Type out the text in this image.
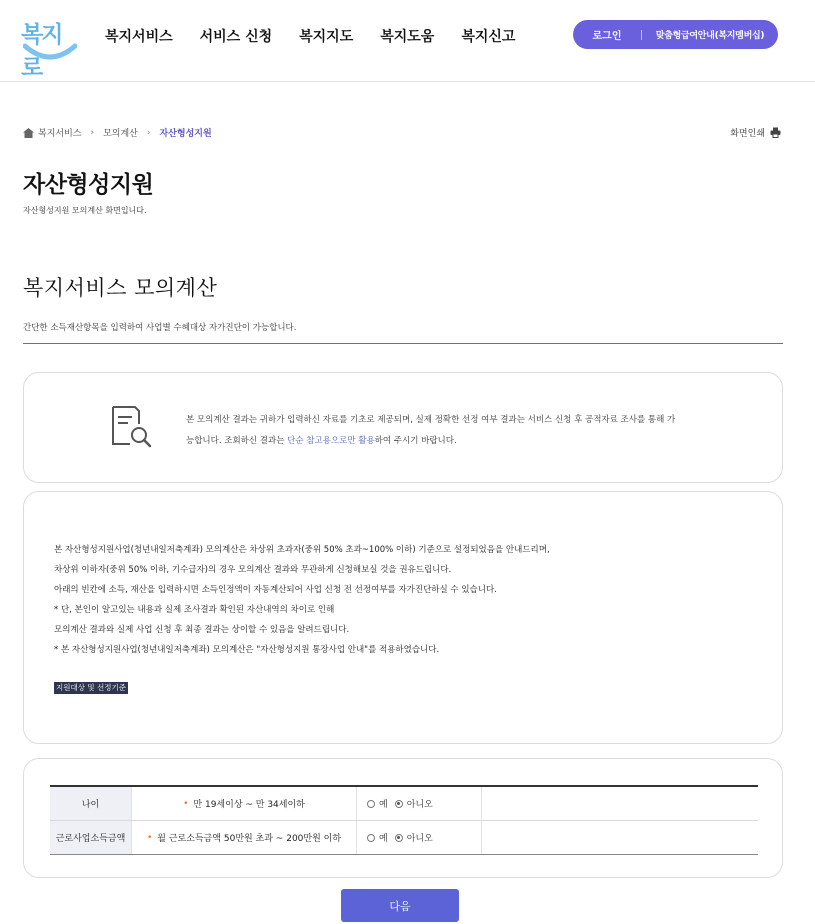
복지로
복지서비스 서비스 신청 복지지도 복지도움 복지신고	로그인	맞춤형급여안내(복지멤버십)
복지서비스 › 모의계산 › 자산형성지원	화면인쇄
자산형성지원
자산형성지원 모의계산 화면입니다.
복지서비스 모의계산
간단한 소득재산항목을 입력하여 사업별 수혜대상 자가진단이 가능합니다.
본 모의계산 결과는 귀하가 입력하신 자료를 기초로 제공되며, 실제 정확한 선정 여부 결과는 서비스 신청 후 공적자료 조사를 통해 가
능합니다. 조회하신 결과는 단순 참고용으로만 활용하여 주시기 바랍니다.

본 자산형성지원사업(청년내일저축계좌) 모의계산은 차상위 초과자(중위 50% 초과~100% 이하) 기준으로 설정되었음을 안내드리며,

차상위 이하자(중위 50% 이하, 기수급자)의 경우 모의계산 결과와 무관하게 신청해보실 것을 권유드립니다.

아래의 빈칸에 소득, 재산을 입력하시면 소득인정액이 자동계산되어 사업 신청 전 선정여부를 자가진단하실 수 있습니다.

* 단, 본인이 알고있는 내용과 실제 조사결과 확인된 자산내역의 차이로 인해

모의계산 결과와 실제 사업 신청 후 최종 결과는 상이할 수 있음을 알려드립니다.

* 본 자산형성지원사업(청년내일저축계좌) 모의계산은 "자산형성지원 통장사업 안내"를 적용하였습니다.

지원대상 및 선정기준
나이	• 만 19세이상 ~ 만 34세이하	예 아니오
근로사업소득금액	• 월 근로소득금액 50만원 초과 ~ 200만원 이하	예 아니오
다음
